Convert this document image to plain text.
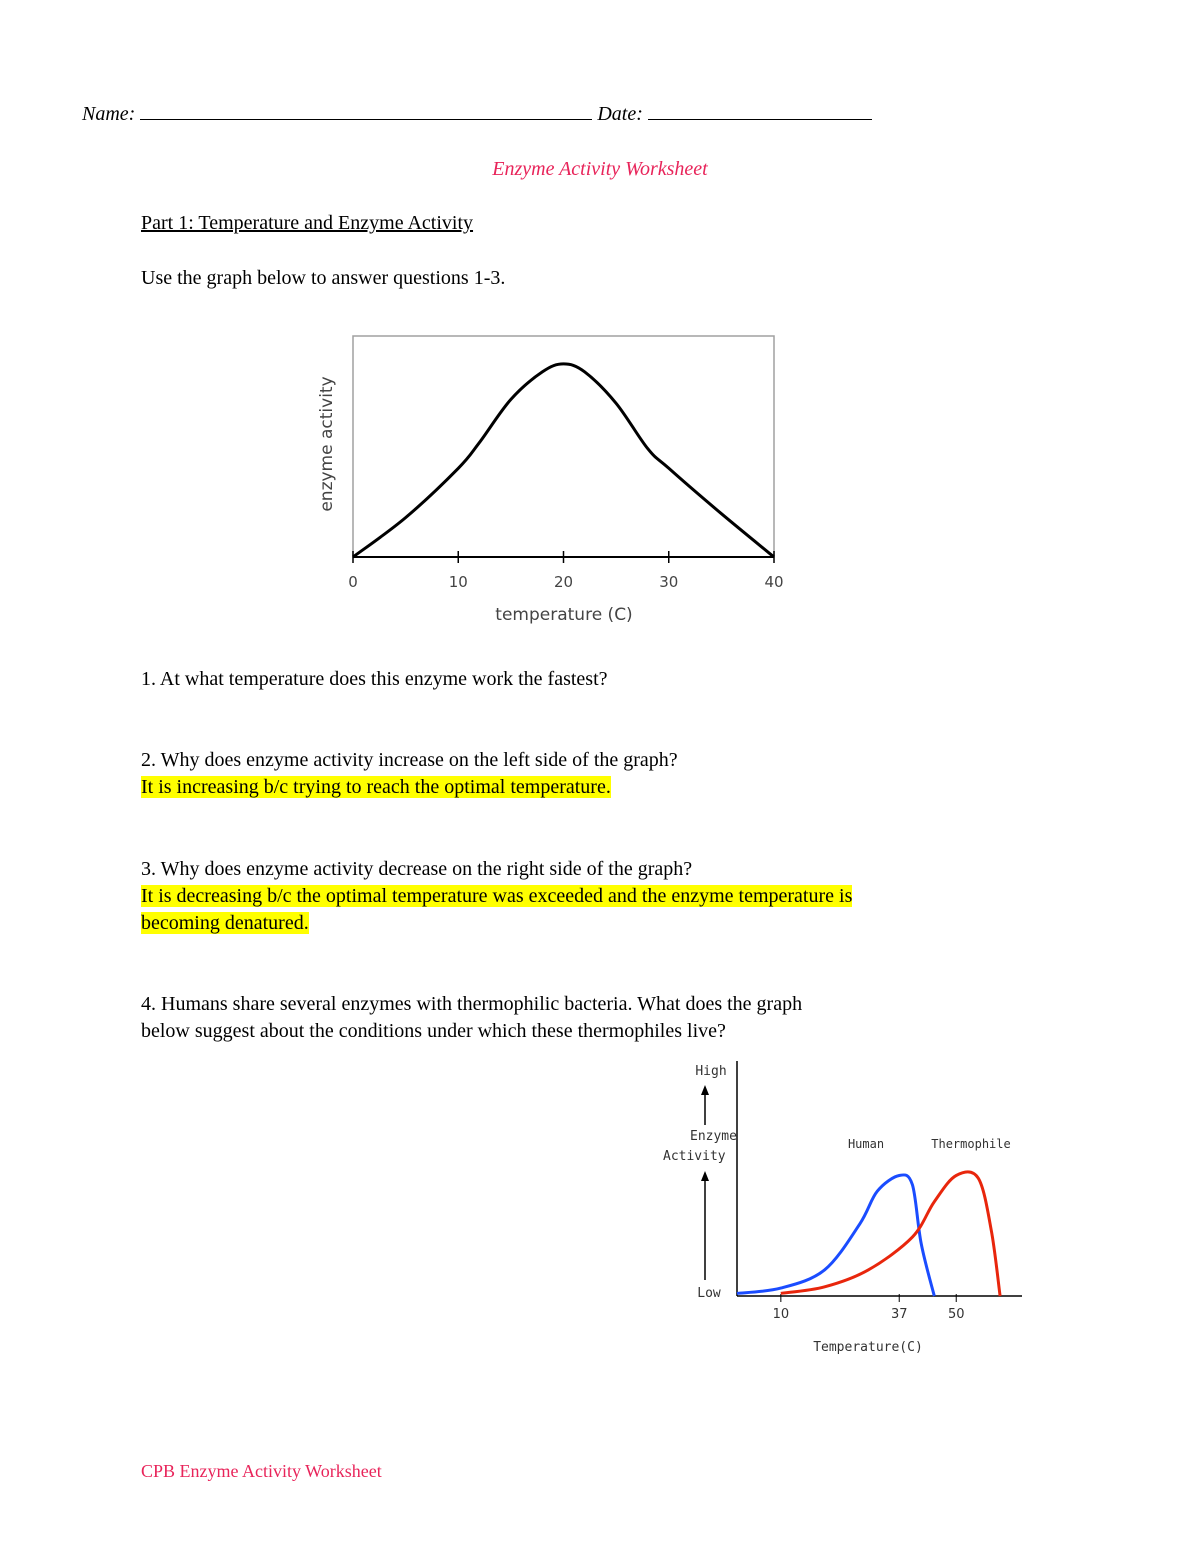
Name:	Date:
Enzyme Activity Worksheet
Part 1: Temperature and Enzyme Activity
Use the graph below to answer questions 1-3.
0	10	20	30	40
enzyme activity
temperature (C)
1. At what temperature does this enzyme work the fastest?
2. Why does enzyme activity increase on the left side of the graph?
It is increasing b/c trying to reach the optimal temperature.
3. Why does enzyme activity decrease on the right side of the graph?
It is decreasing b/c the optimal temperature was exceeded and the enzyme temperature is
becoming denatured.
4. Humans share several enzymes with thermophilic bacteria. What does the graph
below suggest about the conditions under which these thermophiles live?
High
Enzyme
Activity
Low
10	37	50
Human	Thermophile
Temperature(C)
CPB Enzyme Activity Worksheet
